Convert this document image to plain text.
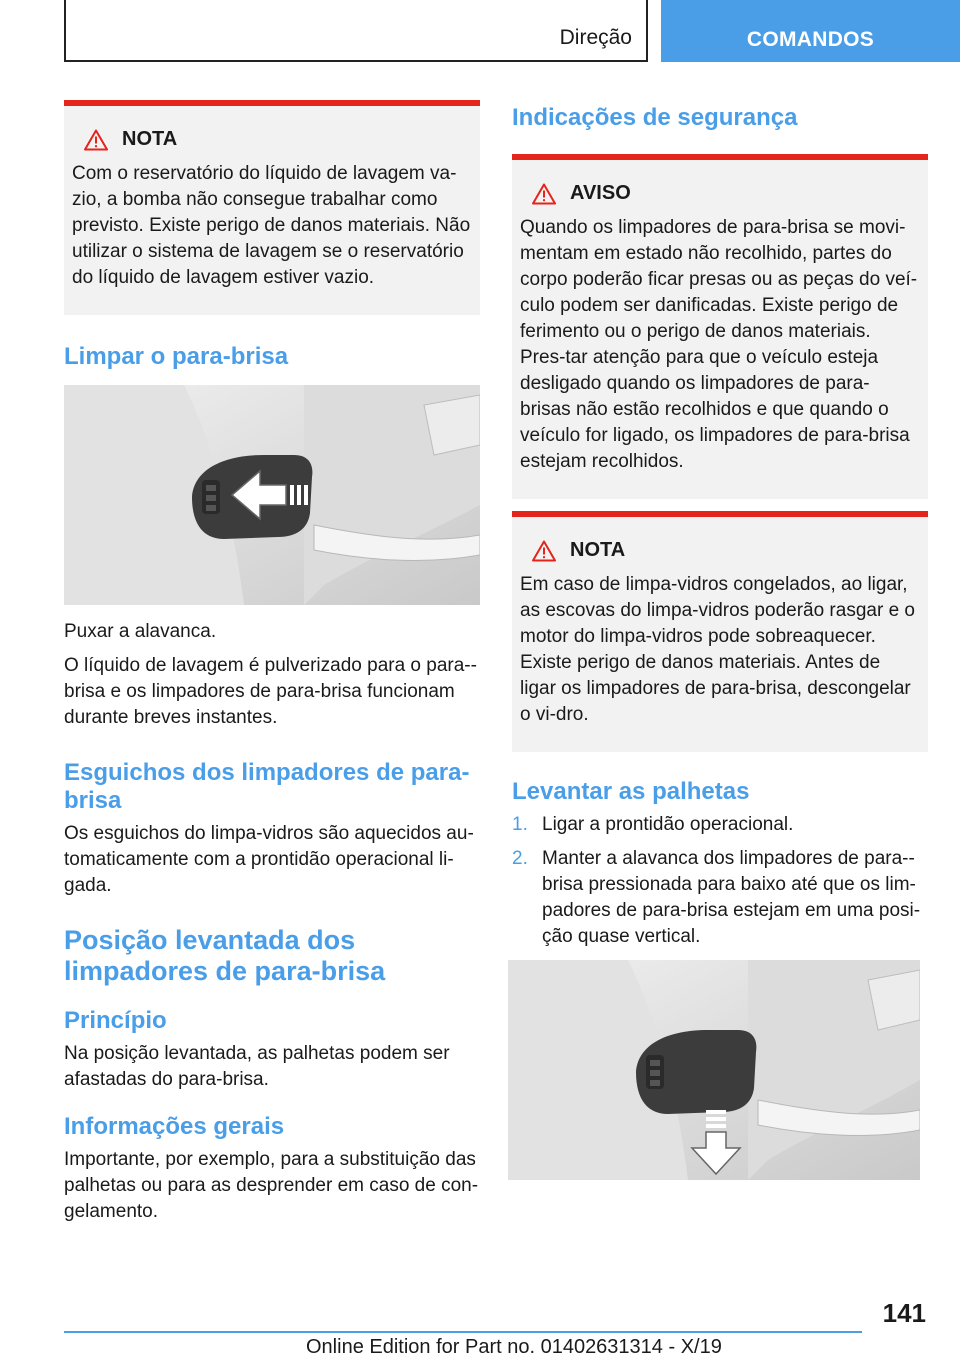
Direção	COMANDOS
NOTA
Com o reservatório do líquido de lavagem va-zio, a bomba não consegue trabalhar como previsto. Existe perigo de danos materiais. Não utilizar o sistema de lavagem se o reservatório do líquido de lavagem estiver vazio.
Limpar o para-brisa

Puxar a alavanca.

O líquido de lavagem é pulverizado para o para--brisa e os limpadores de para-brisa funcionam durante breves instantes.

Esguichos dos limpadores de para-brisa

Os esguichos do limpa-vidros são aquecidos au-tomaticamente com a prontidão operacional li-gada.

Posição levantada dos limpadores de para-brisa
Princípio

Na posição levantada, as palhetas podem ser afastadas do para-brisa.

Informações gerais

Importante, por exemplo, para a substituição das palhetas ou para as desprender em caso de con-gelamento.

Indicações de segurança
AVISO
Quando os limpadores de para-brisa se movi-mentam em estado não recolhido, partes do corpo poderão ficar presas ou as peças do veí-culo podem ser danificadas. Existe perigo de ferimento ou o perigo de danos materiais. Pres-tar atenção para que o veículo esteja desligado quando os limpadores de para-brisas não estão recolhidos e que quando o veículo for ligado, os limpadores de para-brisa estejam recolhidos.
NOTA
Em caso de limpa-vidros congelados, ao ligar, as escovas do limpa-vidros poderão rasgar e o motor do limpa-vidros pode sobreaquecer. Existe perigo de danos materiais. Antes de ligar os limpadores de para-brisa, descongelar o vi-dro.
Levantar as palhetas
1. Ligar a prontidão operacional.
2. Manter a alavanca dos limpadores de para--brisa pressionada para baixo até que os lim-padores de para-brisa estejam em uma posi-ção quase vertical.
141
Online Edition for Part no. 01402631314 - X/19
